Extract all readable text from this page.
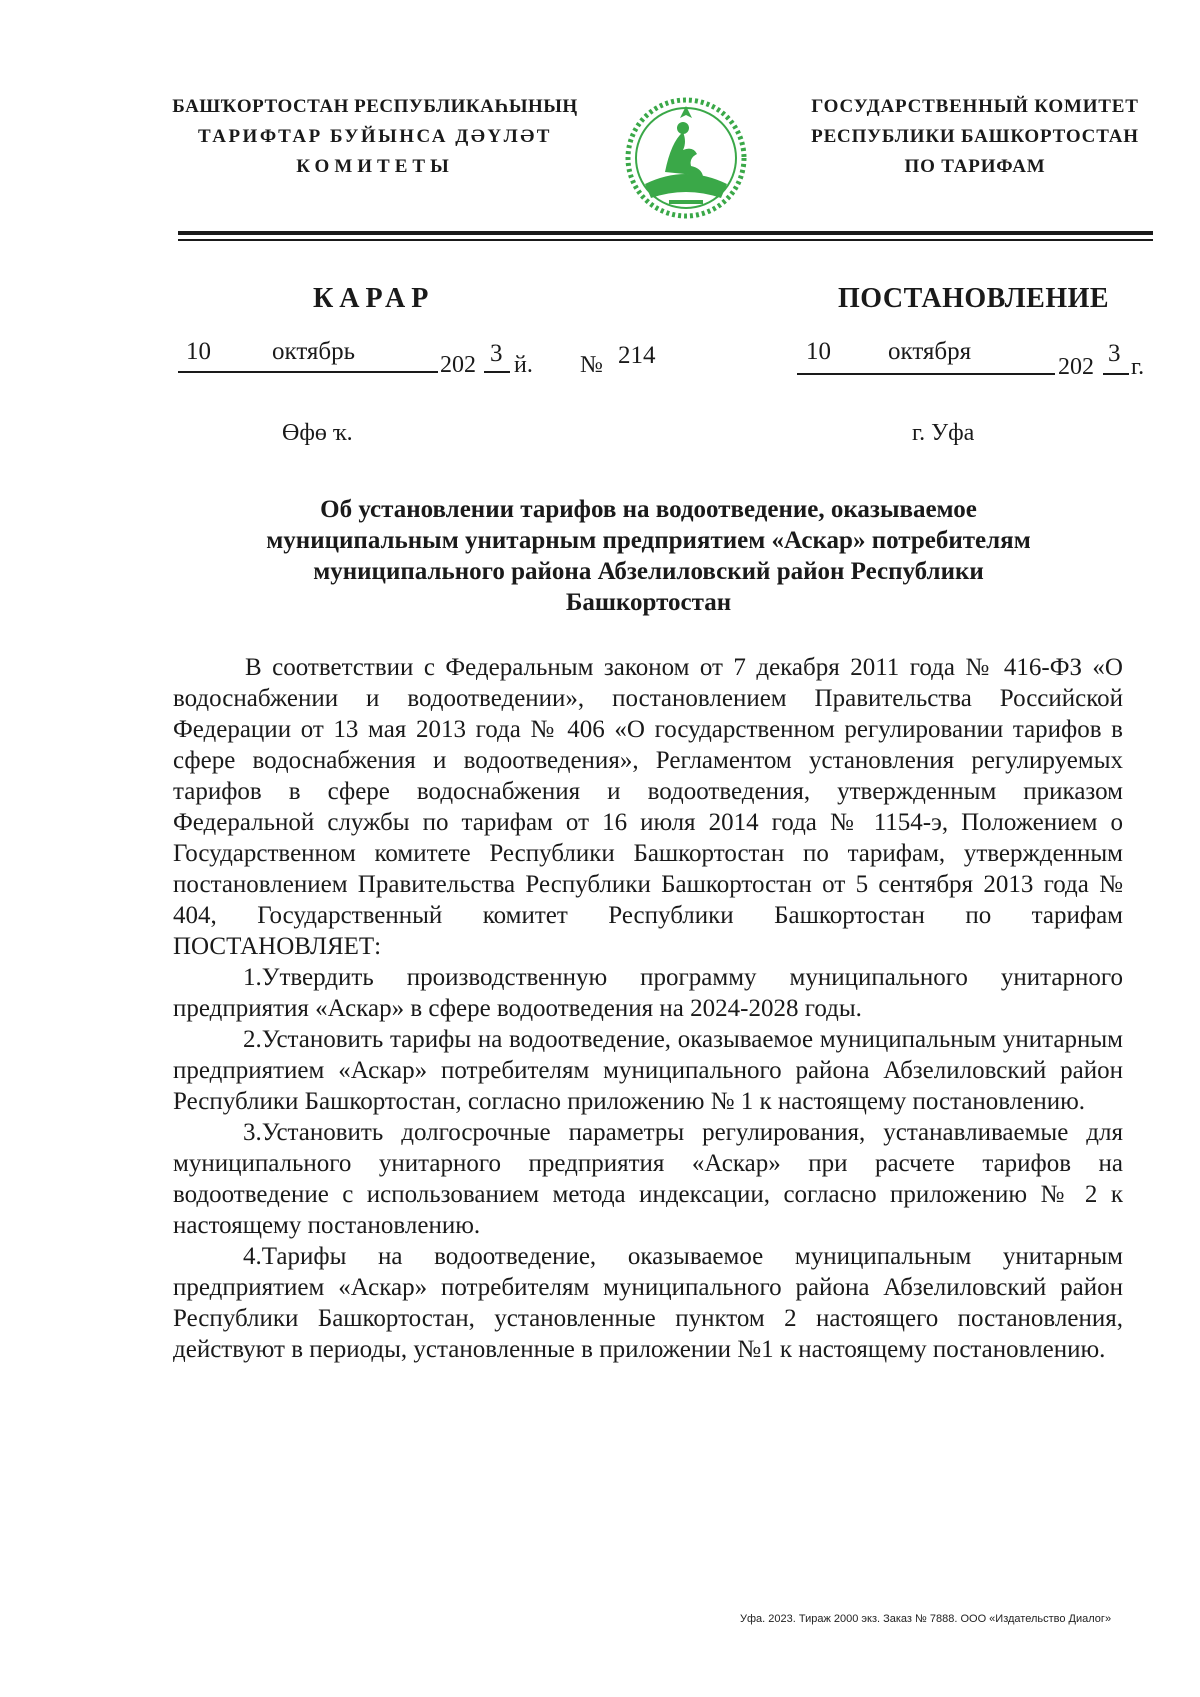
БАШҠОРТОСТАН РЕСПУБЛИКАҺЫНЫҢ
ТАРИФТАР БУЙЫНСА ДӘҮЛӘТ
КОМИТЕТЫ
ГОСУДАРСТВЕННЫЙ КОМИТЕТ
РЕСПУБЛИКИ БАШКОРТОСТАН
ПО ТАРИФАМ
КАРАР	ПОСТАНОВЛЕНИЕ
10 октябрь	202 3 й. № 214	10 октября
202 3 г.
Өфө ҡ.	г. Уфа
Об установлении тарифов на водоотведение, оказываемое
муниципальным унитарным предприятием «Аскар» потребителям
муниципального района Абзелиловский район Республики
Башкортостан

В соответствии с Федеральным законом от 7 декабря 2011 года № 416-ФЗ «О водоснабжении и водоотведении», постановлением Правительства Российской Федерации от 13 мая 2013 года № 406 «О государственном регулировании тарифов в сфере водоснабжения и водоотведения», Регламентом установления регулируемых тарифов в сфере водоснабжения и водоотведения, утвержденным приказом Федеральной службы по тарифам от 16 июля 2014 года № 1154-э, Положением о Государственном комитете Республики Башкортостан по тарифам, утвержденным постановлением Правительства Республики Башкортостан от 5 сентября 2013 года № 404, Государственный комитет Республики Башкортостан по тарифам ПОСТАНОВЛЯЕТ:

1.Утвердить производственную программу муниципального унитарного предприятия «Аскар» в сфере водоотведения на 2024-2028 годы.

2.Установить тарифы на водоотведение, оказываемое муниципальным унитарным предприятием «Аскар» потребителям муниципального района Абзелиловский район Республики Башкортостан, согласно приложению № 1 к настоящему постановлению.

3.Установить долгосрочные параметры регулирования, устанавливаемые для муниципального унитарного предприятия «Аскар» при расчете тарифов на водоотведение с использованием метода индексации, согласно приложению № 2 к настоящему постановлению.

4.Тарифы на водоотведение, оказываемое муниципальным унитарным предприятием «Аскар» потребителям муниципального района Абзелиловский район Республики Башкортостан, установленные пунктом 2 настоящего постановления, действуют в периоды, установленные в приложении №1 к настоящему постановлению.

Уфа. 2023. Тираж 2000 экз. Заказ № 7888. ООО «Издательство Диалог»
